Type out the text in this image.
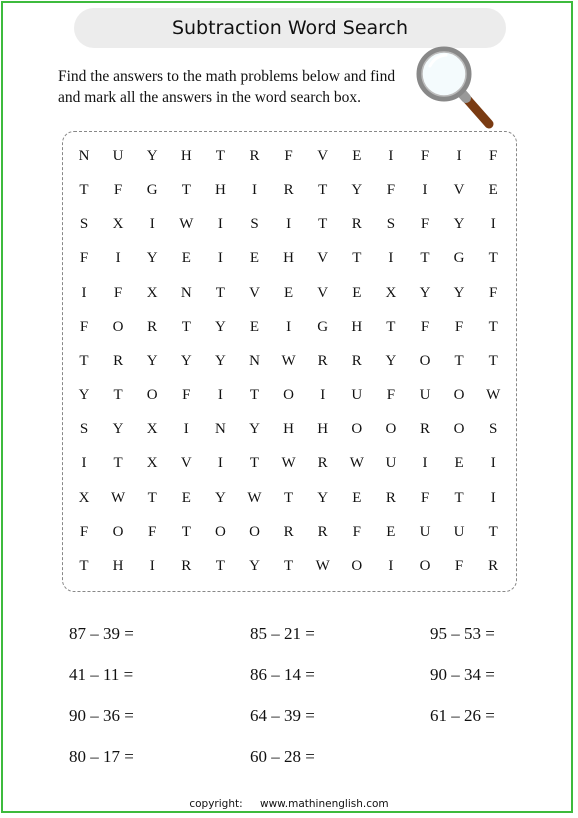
Subtraction Word Search
Find the answers to the math problems below and find
and mark all the answers in the word search box.
N	U	Y	H	T	R	F	V	E	I	F	I	F
T	F	G	T	H	I	R	T	Y	F	I	V	E
S	X	I	W	I	S	I	T	R	S	F	Y	I
F	I	Y	E	I	E	H	V	T	I	T	G	T
I	F	X	N	T	V	E	V	E	X	Y	Y	F
F	O	R	T	Y	E	I	G	H	T	F	F	T
T	R	Y	Y	Y	N	W	R	R	Y	O	T	T
Y	T	O	F	I	T	O	I	U	F	U	O	W
S	Y	X	I	N	Y	H	H	O	O	R	O	S
I	T	X	V	I	T	W	R	W	U	I	E	I
X	W	T	E	Y	W	T	Y	E	R	F	T	I
F	O	F	T	O	O	R	R	F	E	U	U	T
T	H	I	R	T	Y	T	W	O	I	O	F	R
87 – 39 =	85 – 21 =	95 – 53 =
41 – 11 =	86 – 14 =	90 – 34 =
90 – 36 =	64 – 39 =	61 – 26 =
80 – 17 =	60 – 28 =
copyright: www.mathinenglish.com
